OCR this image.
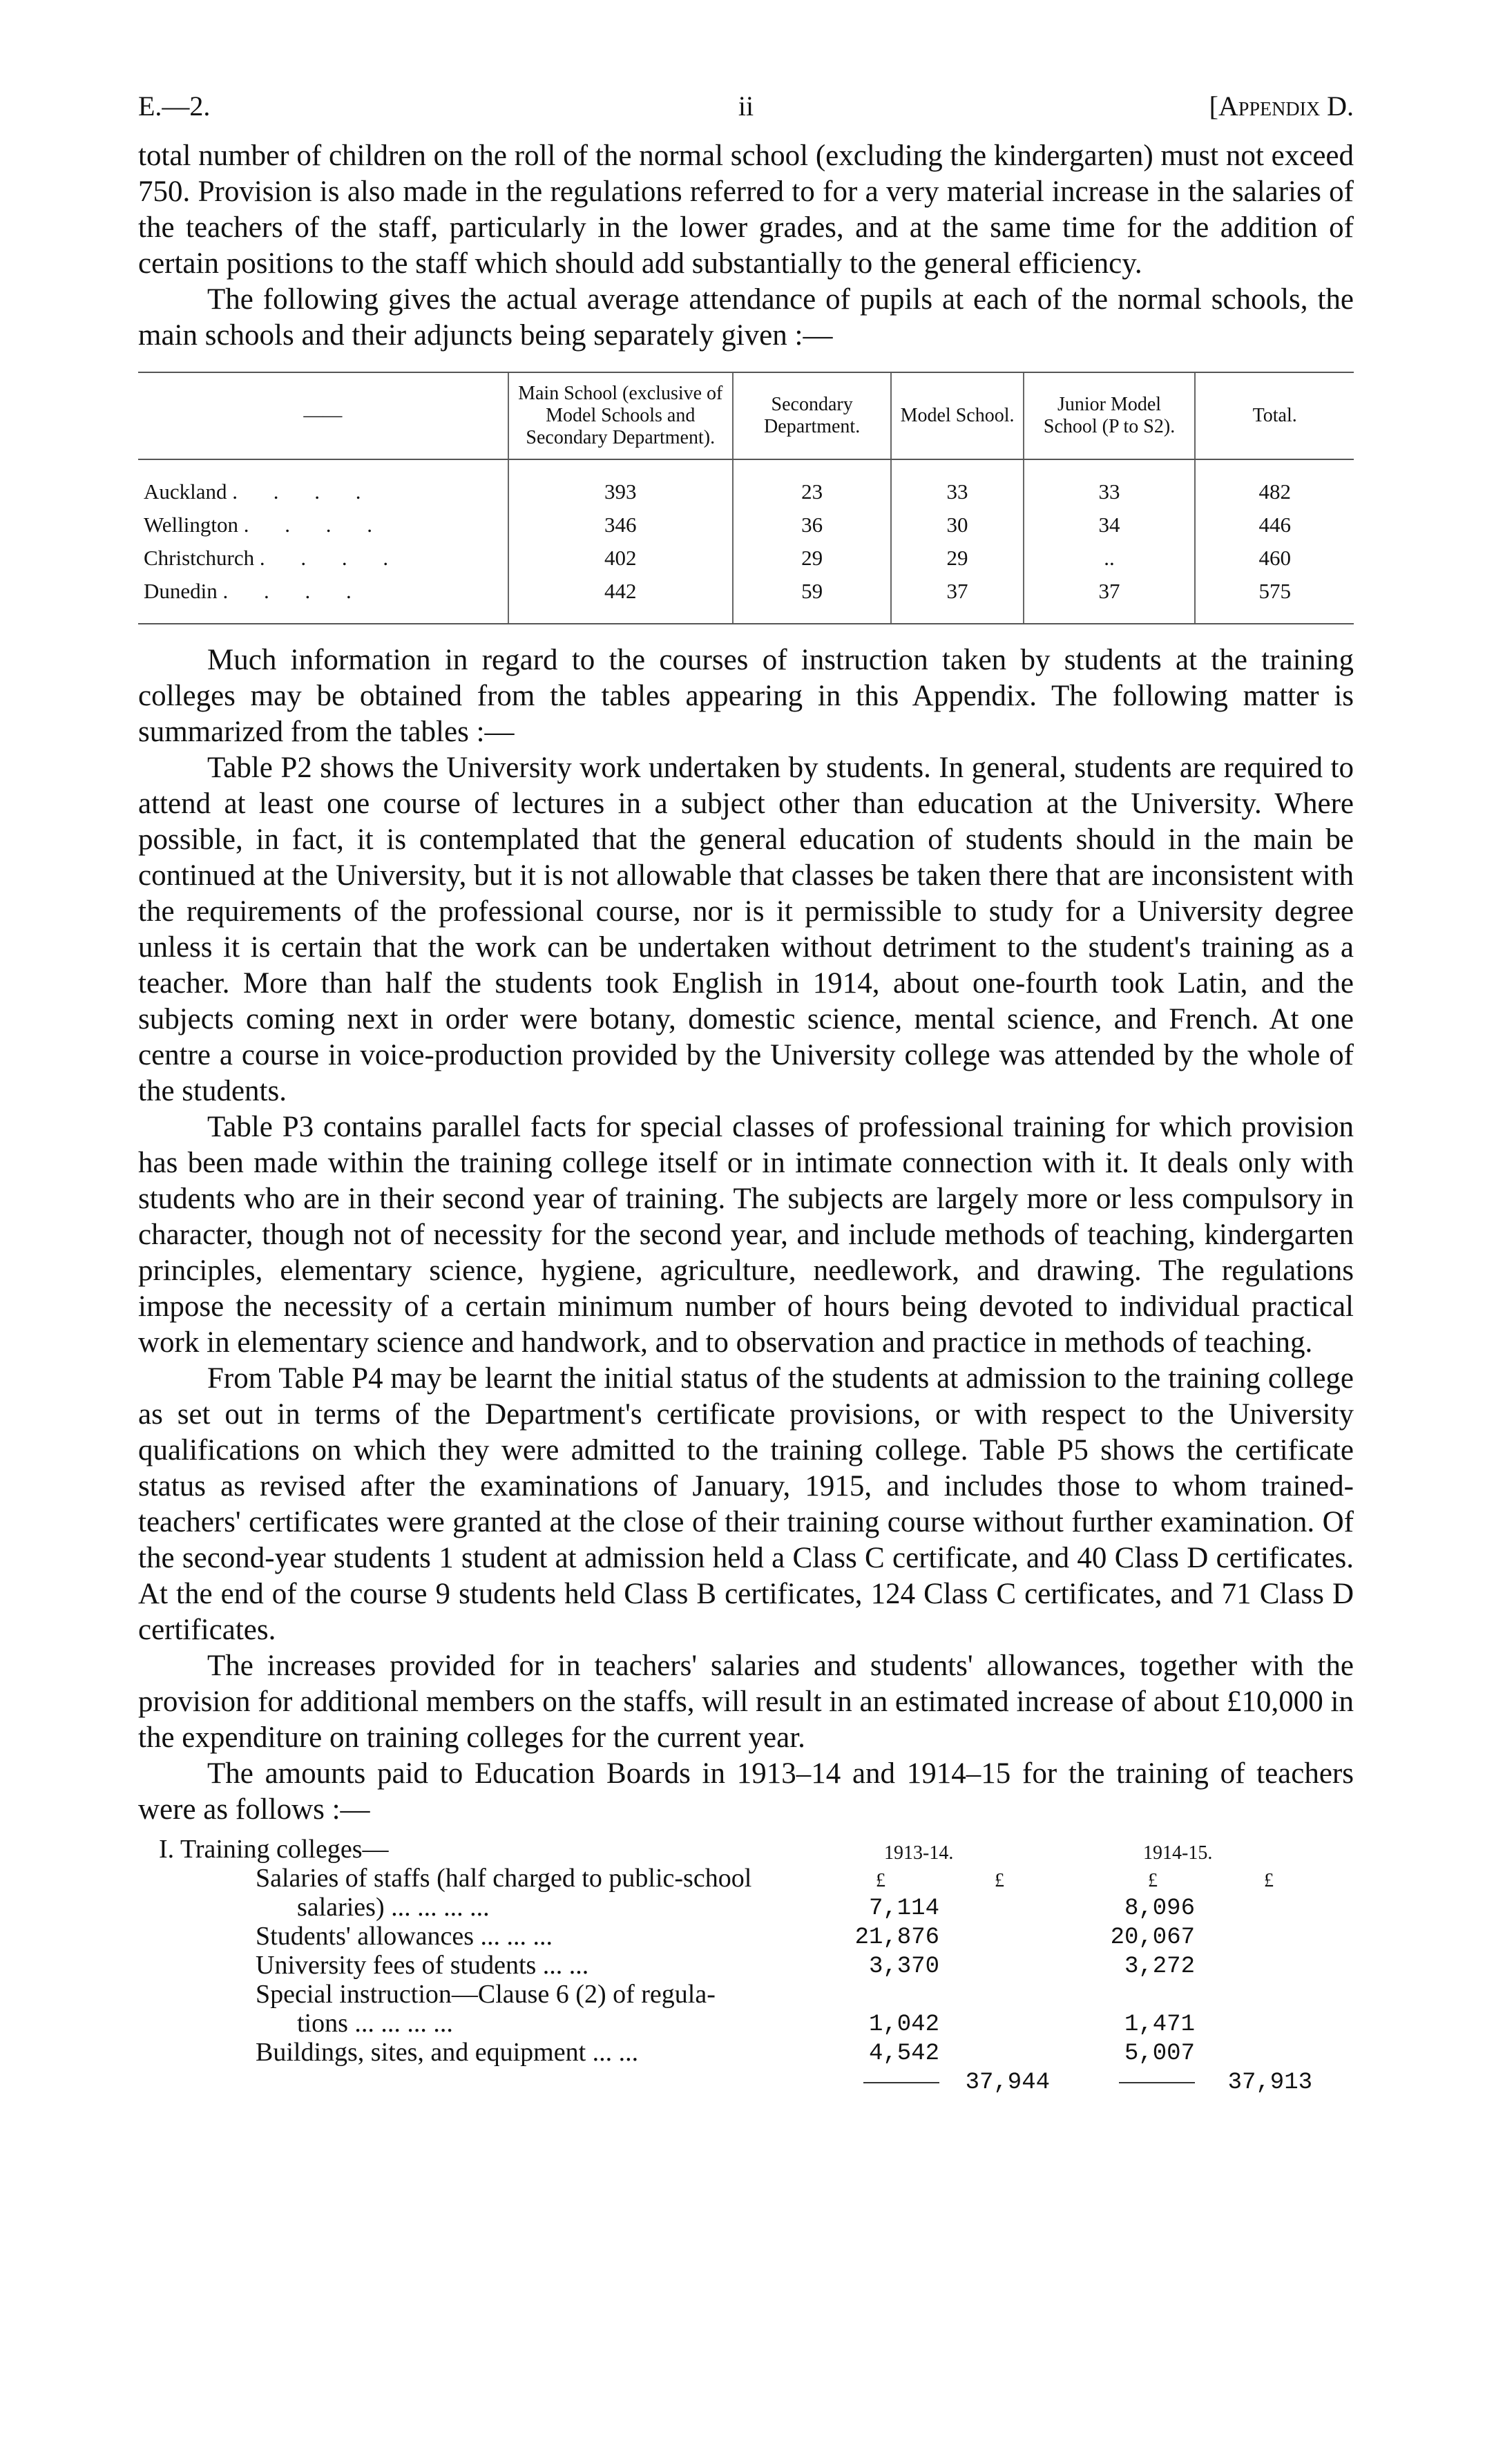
E.—2.	ii	[Appendix D.

total number of children on the roll of the normal school (excluding the kindergarten) must not exceed 750. Provision is also made in the regulations referred to for a very material increase in the salaries of the teachers of the staff, particularly in the lower grades, and at the same time for the addition of certain positions to the staff which should add substantially to the general efficiency.

The following gives the actual average attendance of pupils at each of the normal schools, the main schools and their adjuncts being separately given :—

——	Main School (exclusive of Model Schools and Secondary Department).	Secondary Department.	Model School.	Junior Model School (P to S2).	Total.

Auckland . . . .	393	23	33	33	482
Wellington . . . .	346	36	30	34	446
Christchurch . . . .	402	29	29	..	460
Dunedin . . . .	442	59	37	37	575

Much information in regard to the courses of instruction taken by students at the training colleges may be obtained from the tables appearing in this Appendix. The following matter is summarized from the tables :—

Table P2 shows the University work undertaken by students. In general, students are required to attend at least one course of lectures in a subject other than education at the University. Where possible, in fact, it is contemplated that the general education of students should in the main be continued at the University, but it is not allowable that classes be taken there that are inconsistent with the requirements of the professional course, nor is it permissible to study for a University degree unless it is certain that the work can be undertaken without detriment to the student's training as a teacher. More than half the students took English in 1914, about one-fourth took Latin, and the subjects coming next in order were botany, domestic science, mental science, and French. At one centre a course in voice-production provided by the University college was attended by the whole of the students.

Table P3 contains parallel facts for special classes of professional training for which provision has been made within the training college itself or in intimate connection with it. It deals only with students who are in their second year of training. The subjects are largely more or less compulsory in character, though not of necessity for the second year, and include methods of teaching, kindergarten principles, elementary science, hygiene, agriculture, needlework, and drawing. The regulations impose the necessity of a certain minimum number of hours being devoted to individual practical work in elementary science and handwork, and to observation and practice in methods of teaching.

From Table P4 may be learnt the initial status of the students at admission to the training college as set out in terms of the Department's certificate provisions, or with respect to the University qualifications on which they were admitted to the training college. Table P5 shows the certificate status as revised after the examinations of January, 1915, and includes those to whom trained-teachers' certificates were granted at the close of their training course without further examination. Of the second-year students 1 student at admission held a Class C certificate, and 40 Class D certificates. At the end of the course 9 students held Class B certificates, 124 Class C certificates, and 71 Class D certificates.

The increases provided for in teachers' salaries and students' allowances, together with the provision for additional members on the staffs, will result in an estimated increase of about £10,000 in the expenditure on training colleges for the current year.

The amounts paid to Education Boards in 1913–14 and 1914–15 for the training of teachers were as follows :—

I. Training colleges—	1913-14.	1914-15.
Salaries of staffs (half charged to public-school	£	£	£	£
salaries) ... ... ... ...	7,114	8,096
Students' allowances ... ... ...	21,876	20,067
University fees of students ... ...	3,370	3,272
Special instruction—Clause 6 (2) of regula-
tions ... ... ... ...	1,042	1,471
Buildings, sites, and equipment ... ...	4,542	5,007
37,944	37,913
